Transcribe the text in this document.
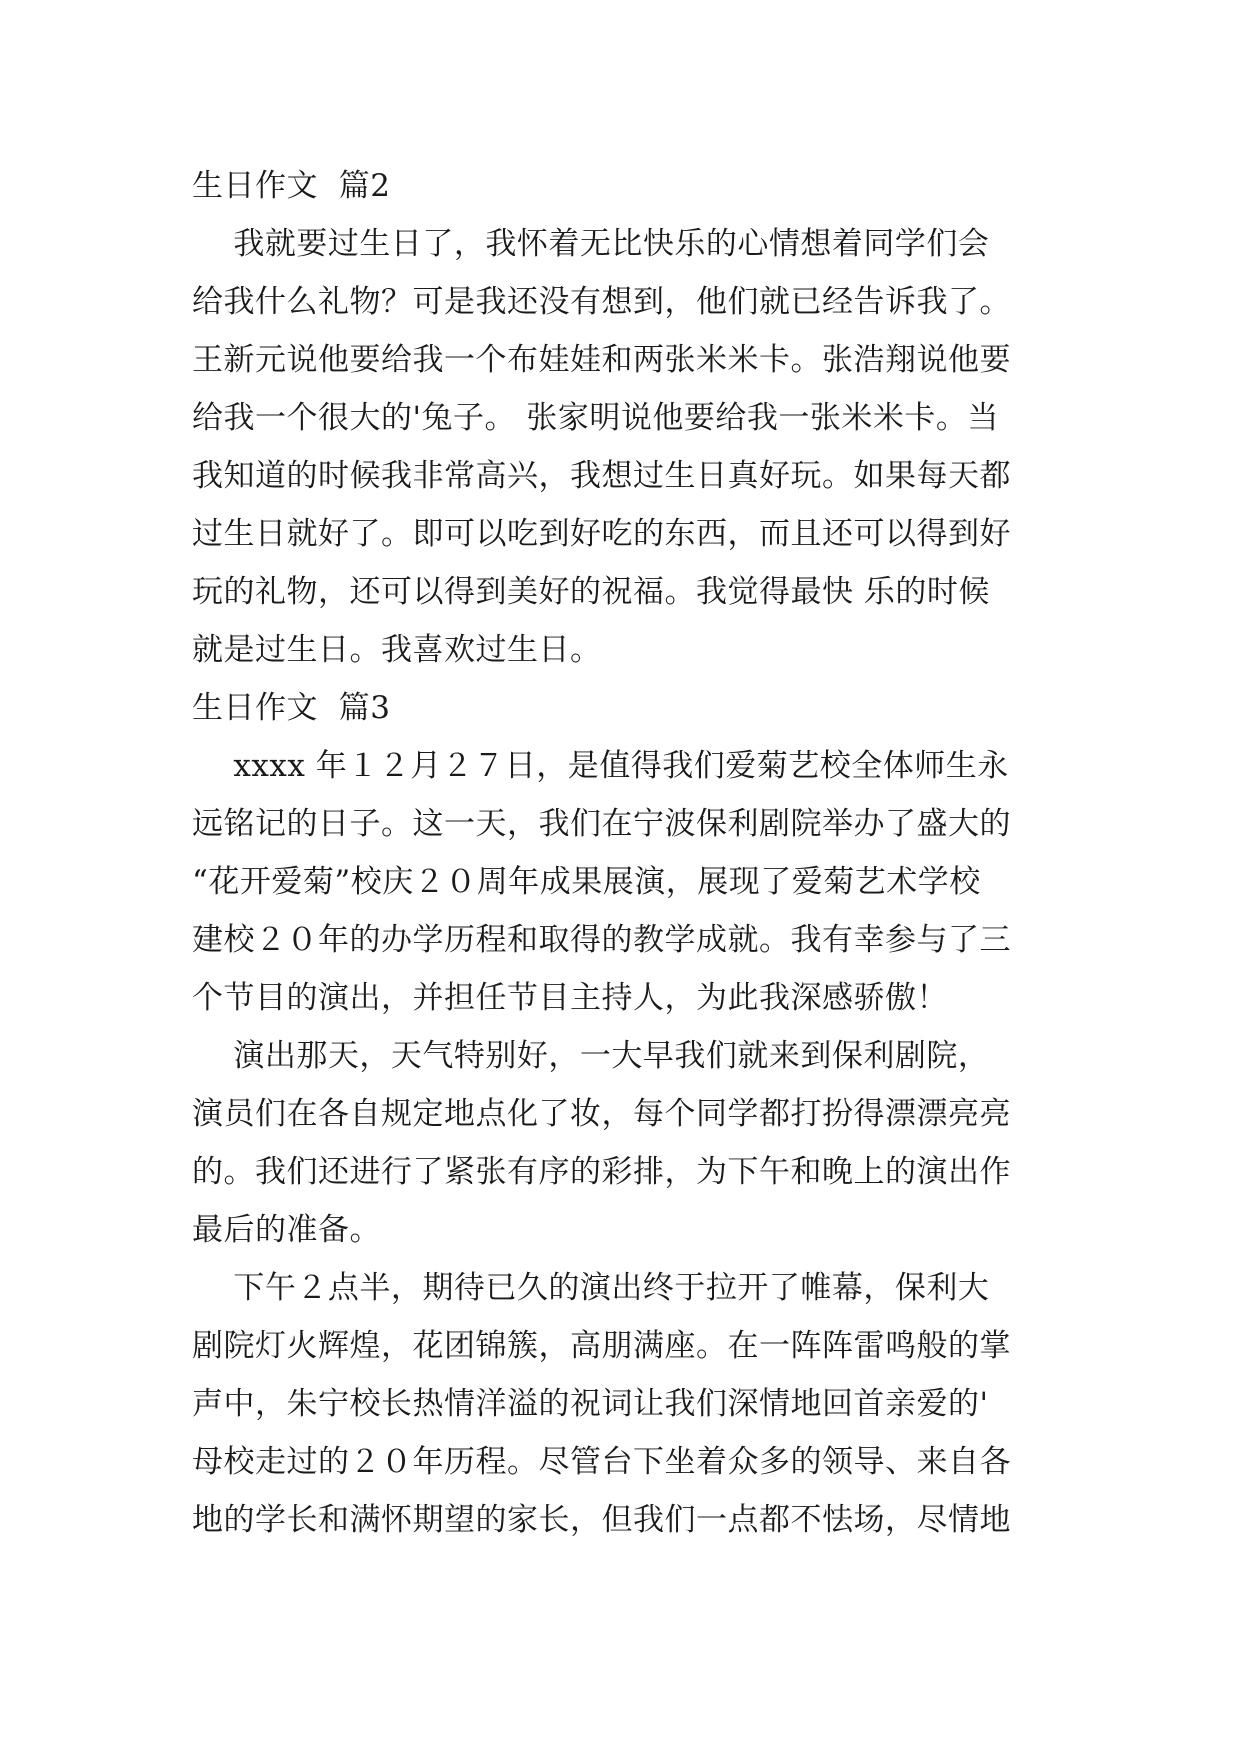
生日作文  篇2
我就要过生日了，我怀着无比快乐的心情想着同学们会
给我什么礼物？可是我还没有想到，他们就已经告诉我了。
王新元说他要给我一个布娃娃和两张米米卡。张浩翔说他要
给我一个很大的'兔子。 张家明说他要给我一张米米卡。当
我知道的时候我非常高兴，我想过生日真好玩。如果每天都
过生日就好了。即可以吃到好吃的东西，而且还可以得到好
玩的礼物，还可以得到美好的祝福。我觉得最快 乐的时候
就是过生日。我喜欢过生日。
生日作文  篇3
xxxx 年１２月２７日，是值得我们爱菊艺校全体师生永
远铭记的日子。这一天，我们在宁波保利剧院举办了盛大的
“花开爱菊”校庆２０周年成果展演，展现了爱菊艺术学校
建校２０年的办学历程和取得的教学成就。我有幸参与了三
个节目的演出，并担任节目主持人，为此我深感骄傲！
演出那天，天气特别好，一大早我们就来到保利剧院，
演员们在各自规定地点化了妆，每个同学都打扮得漂漂亮亮
的。我们还进行了紧张有序的彩排，为下午和晚上的演出作
最后的准备。
下午２点半，期待已久的演出终于拉开了帷幕，保利大
剧院灯火辉煌，花团锦簇，高朋满座。在一阵阵雷鸣般的掌
声中，朱宁校长热情洋溢的祝词让我们深情地回首亲爱的'
母校走过的２０年历程。尽管台下坐着众多的领导、来自各
地的学长和满怀期望的家长，但我们一点都不怯场，尽情地
